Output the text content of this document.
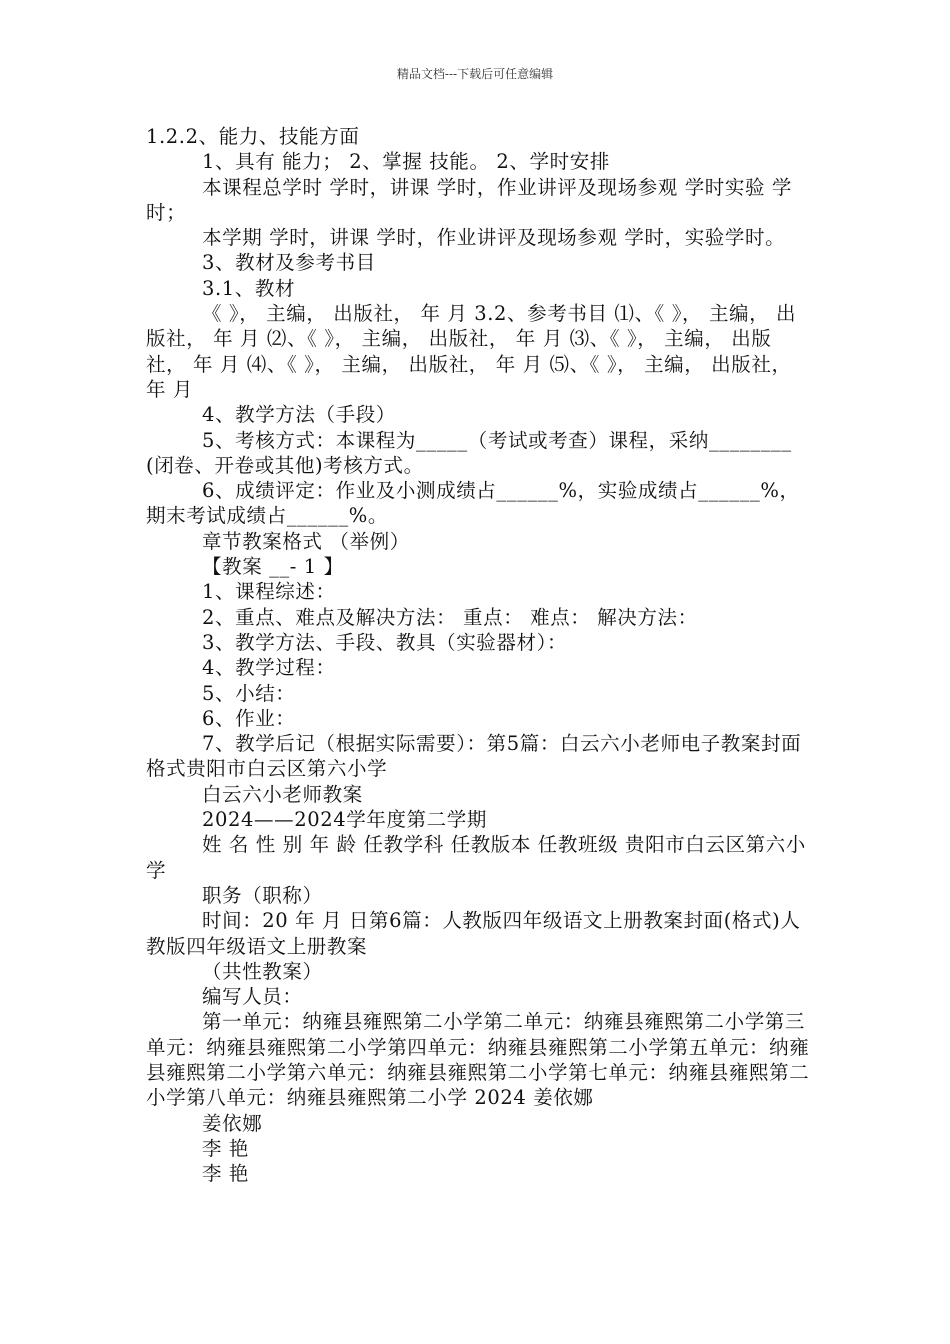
精品文档---下载后可任意编辑

1.2.2、能力、技能方面

1、具有 能力； 2、掌握 技能。 2、学时安排

本课程总学时 学时，讲课 学时，作业讲评及现场参观 学时实验 学时；

本学期 学时，讲课 学时，作业讲评及现场参观 学时，实验学时。

3、教材及参考书目

3.1、教材

《 》， 主编， 出版社， 年 月 3.2、参考书目 ⑴、《 》， 主编， 出版社， 年 月 ⑵、《 》， 主编， 出版社， 年 月 ⑶、《 》， 主编， 出版社， 年 月 ⑷、《 》， 主编， 出版社， 年 月 ⑸、《 》， 主编， 出版社， 年 月

4、教学方法（手段）

5、考核方式：本课程为_____（考试或考查）课程，采纳________(闭卷、开卷或其他)考核方式。

6、成绩评定：作业及小测成绩占______%，实验成绩占______%，期末考试成绩占______%。

章节教案格式 （举例）

【教案 __- 1 】

1、课程综述：

2、重点、难点及解决方法： 重点： 难点： 解决方法：

3、教学方法、手段、教具（实验器材）：

4、教学过程：

5、小结：

6、作业：

7、教学后记（根据实际需要）：第5篇：白云六小老师电子教案封面格式贵阳市白云区第六小学

白云六小老师教案

2024——2024学年度第二学期

姓 名 性 别 年 龄 任教学科 任教版本 任教班级 贵阳市白云区第六小学

职务（职称）

时间：20 年 月 日第6篇：人教版四年级语文上册教案封面(格式)人教版四年级语文上册教案

（共性教案）

编写人员：

第一单元：纳雍县雍熙第二小学第二单元：纳雍县雍熙第二小学第三单元：纳雍县雍熙第二小学第四单元：纳雍县雍熙第二小学第五单元：纳雍县雍熙第二小学第六单元：纳雍县雍熙第二小学第七单元：纳雍县雍熙第二小学第八单元：纳雍县雍熙第二小学 2024 姜依娜

姜依娜

李 艳

李 艳
